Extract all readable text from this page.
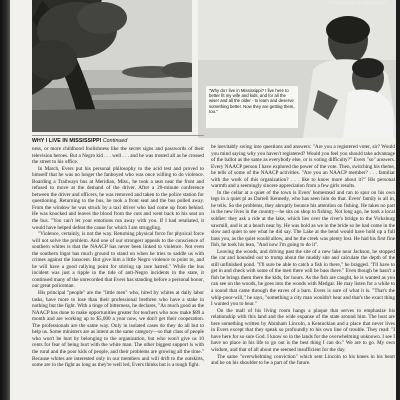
"Why do I live in Mississippi?"
"Why do I live in Mississippi? I live here to better fit my wife and kids, and for all the wiser and all the older - to learn and deserve something better. Now they are getting them, too."
WHY I LIVE IN MISSISSIPPI Continued

ness, or more childhood foolishness like the secret signs and passwords of their television heroes. But a Negro kid . . . well . . . and he was trusted all as he crossed the street to his office.

In March, Evers put his personal philosophy to the acid test and proved to himself that he was no longer the fanboyed who was once willing to do violence. Boarding a Trailways bus at Meridian, Miss., he took a seat near the front and refused to move at the demand of the driver. After a 20-minute conference between the driver and officers, he was removed and taken to the police station for questioning. Returning to the bus, he took a front seat and the bus pulled away. From the window he was struck by a taxi driver who had come up from behind. He was knocked and leaves the blood from the cuts and went back to his seat on the bus. "You can't let your emotions run away with you. If I had retaliated, it would have helped defeat the cause for which I am struggling.

"Violence, certainly, is not the way. Returning physical force for physical force will not solve the problem. And one of our strongest appeals to the conscience of southern whites is that the NAACP has never been linked to violence. Not even the southern bigot has much ground to stand on when he tries to saddle us with crimes against the innocent. But give him a little Negro violence to point to, and he will have a good rallying point for stirring up race hatred." While the bus incident was just a ripple in the tide of anti-Negro incidents in the state, it continued many of the unrecorded that Evers has standing before a personal honor, our great policeman.

His principal "people" are the "little men" who, hired by whites at daily labor tasks, have more to lose than their professional brethren who have a stake in nothing but the fight. With a tinge of bitterness, he declares, "As much good as the NAACP has done to make opportunities greater for teachers who now make $89 a month and are working up to $5,000 a year now, we don't get their cooperation. The professionals are the same way. Only in isolated cases do they do all but to help us. Some ministers are as intent as the same category—so that class of people who won't be hurt by belonging to the organization, but who won't give us 10 cents for fear of being hurt with the white man. The other biggest support is with the rural and the poor kids of people, and their problems are growing all the time." Because whites are interested only in our members and will drift to the outskirts, some are in the fight as long as they're well led, Evers thinks but is a tough fight.

be inevitably swing into questions and answers: "Are you a registered voter, sir? Would you mind saying why you haven't registered? Would you feel you should take advantage of the ballot as the same as everybody else, or is voting difficulty?" Evers "so" answers. Every NAACP person I have explored the power of the vote. Then, switching his theme, he tells of some of the NAACP activities. "Are you an NAACP member? . . . familiar with the work of this organization? . . . like to know more about it?" His personal warmth and a seemingly sincere appreciation from a few girls results.

In the cellar at a quiet of the town is Evers' homestead and ran to spur on his own legs in a quiet pl as Darrell Kennedy, who has seen him do that. Evers' family is all in, he tells. So the problems, they abruptly bounce his attention on fishing. He takes no part in the new lives in the country—he sits on shop to fishing. Not long ago, he took a local soldier: they ask a ride at the lake, which lies over the river's bridge to the Vicksburg sawmill, and is at a beach near by. He was bold as we in the bride so be had come in the slow and quiet to see what he did say. The Lake at the bend would have hold up a full bass you, as the quiet would allow, and he the creek was plenty lost. He had his first fine fish, he took his lean, "And now I'm going to do it".

Leaving the woods, and driving past the site of a new lake near Jackson, he stopped the car and hounded out to tromp about the muddy site and calculate the depth of the still unfinished pond. "I'll sure be able to catch a fish in there," he bragged. "I'll have to get in and check with some of the men there will be bass there." Even though he hasn't a fish he brings them there the kids, for hours. As the fish are caught, he is wanted as you can see on the woods, he goes into the woods with Medgar. He may listen for a while to a sound that came through the eaves of a barn. Evers is sure of what it is. "That's the whip-poor-will," he says, "something a city man wouldn't hear and that's the exact thing I wanted you to hear."

On the mall of his living room hangs a plaque that serves to emphasize his relationship with this land and the wide expanse of the state around him. The bust are here something written by Abraham Lincoln, a Kentuckian and a place that never lives in Evers except that they speak so profoundly to his own line of trouble. They read: "I have here for so sure God. I know so in the lands for the overwhelming unknown. I see I have no place in his life to go out is the best thing I can do." We are to go. My own wisdom, and that of all about me seemed insufficient for the day.

The same "overwhelming conviction" which sent Lincoln to his knees in his heart and he on his shoulder to be a part of the future.
